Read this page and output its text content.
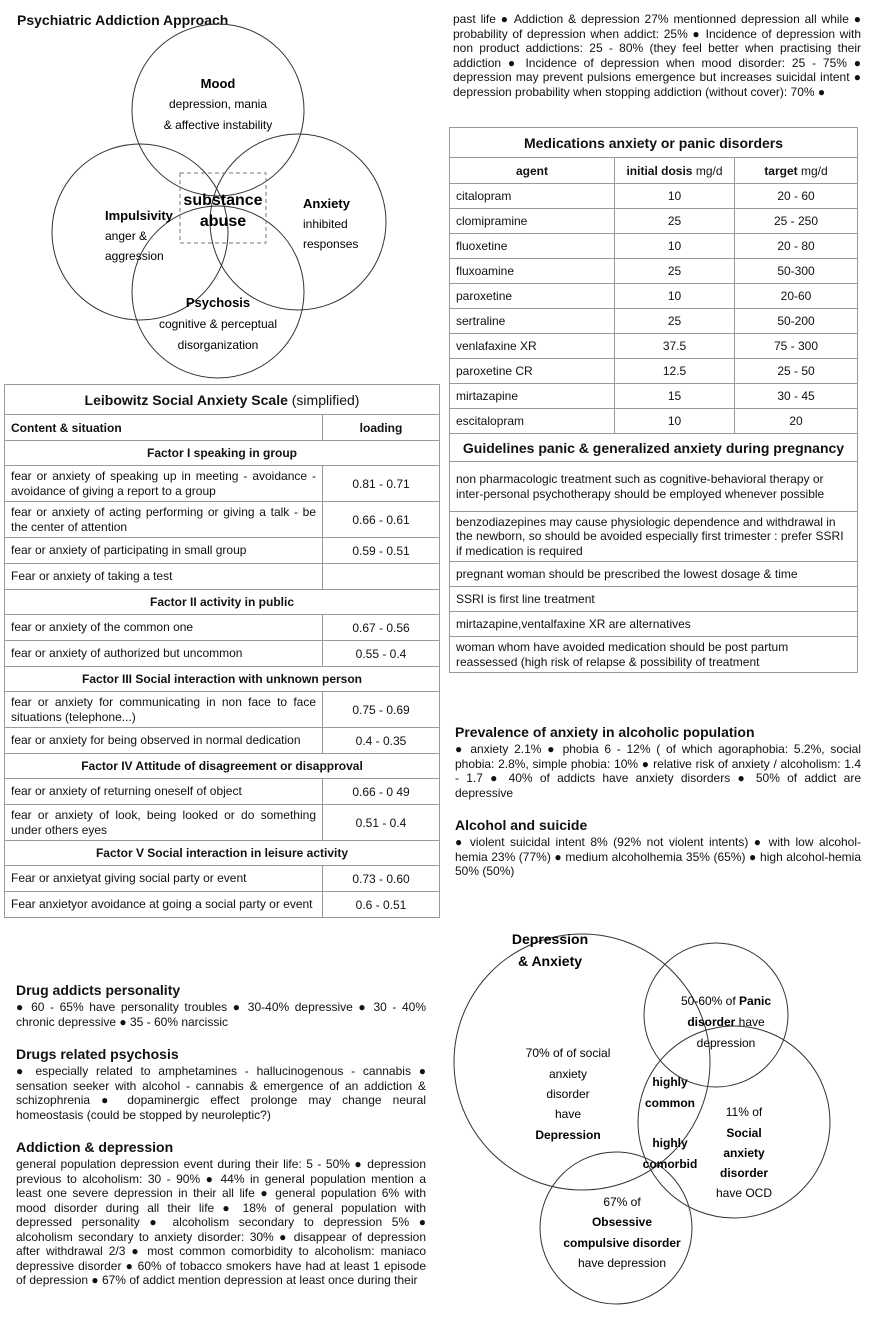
Psychiatric Addiction Approach
substance
abuse
Mood
depression, mania
& affective instability
Impulsivity
anger &
aggression
Anxiety
inhibited
responses
Psychosis
cognitive & perceptual
disorganization
Leibowitz Social Anxiety Scale (simplified)	
Content & situation	loading
Factor I speaking in group	
fear or anxiety of speaking up in meeting - avoidance - avoidance of giving a report to a group	0.81 - 0.71
fear or anxiety of acting performing or giving a talk - be the center of attention	0.66 - 0.61
fear or anxiety of participating in small group	0.59 - 0.51
Fear or anxiety of taking a test	
Factor II activity in public	
fear or anxiety of the common one	0.67 - 0.56
fear or anxiety of authorized but uncommon	0.55 - 0.4
Factor III Social interaction with unknown person	
fear or anxiety for communicating in non face to face situations (telephone...)	0.75 - 0.69
fear or anxiety for being observed in normal dedication	0.4 - 0.35
Factor IV Attitude of disagreement or disapproval	
fear or anxiety of returning oneself of object	0.66 - 0 49
fear or anxiety of look, being looked or do something under others eyes	0.51 - 0.4
Factor V Social interaction in leisure activity	
Fear or anxietyat giving social party or event	0.73 - 0.60
Fear anxietyor avoidance at going a social party or event	0.6 - 0.51
Drug addicts personality
● 60 - 65% have personality troubles ● 30-40% depressive ● 30 - 40% chronic depressive ● 35 - 60% narcissic
Drugs related psychosis
● especially related to amphetamines - hallucinogenous - cannabis ● sensation seeker with alcohol - cannabis & emergence of an addiction & schizophrenia ● dopaminergic effect prolonge may change neural homeostasis (could be stopped by neuroleptic?)
Addiction & depression
general population depression event during their life: 5 - 50% ● depression previous to alcoholism: 30 - 90% ● 44% in general population mention a least one severe depression in their all life ● general population 6% with mood disorder during all their life ● 18% of general population with depressed personality ● alcoholism secondary to depression 5% ● alcoholism secondary to anxiety disorder: 30% ● disappear of depression after withdrawal 2/3 ● most common comorbidity to alcoholism: maniaco depressive disorder ● 60% of tobacco smokers have had at least 1 episode of depression ● 67% of addict mention depression at least once during their
past life ● Addiction & depression 27% mentionned depression all while ● probability of depression when addict: 25% ● Incidence of depression with non product addictions: 25 - 80% (they feel better when practising their addiction ● Incidence of depression when mood disorder: 25 - 75% ● depression may prevent pulsions emergence but increases suicidal intent ● depression probability when stopping addiction (without cover): 70% ●
Medications anxiety or panic disorders		
agent	initial dosis mg/d	target mg/d
citalopram	10	20 - 60
clomipramine	25	25 - 250
fluoxetine	10	20 - 80
fluxoamine	25	50-300
paroxetine	10	20-60
sertraline	25	50-200
venlafaxine XR	37.5	75 - 300
paroxetine CR	12.5	25 - 50
mirtazapine	15	30 - 45
escitalopram	10	20
Guidelines panic & generalized anxiety during pregnancy		
non pharmacologic treatment such as cognitive-behavioral therapy or inter-personal psychotherapy should be employed whenever possible		
benzodiazepines may cause physiologic dependence and withdrawal in the newborn, so should be avoided especially first trimester : prefer SSRI if medication is required		
pregnant woman should be prescribed the lowest dosage & time		
SSRI is first line treatment		
mirtazapine,ventalfaxine XR are alternatives		
woman whom have avoided medication should be post partum reassessed (high risk of relapse & possibility of treatment		
Prevalence of anxiety in alcoholic population
● anxiety 2.1% ● phobia 6 - 12% ( of which agoraphobia: 5.2%, social phobia: 2.8%, simple phobia: 10% ● relative risk of anxiety / alcoholism: 1.4 - 1.7 ● 40% of addicts have anxiety disorders ● 50% of addict are depressive
Alcohol and suicide
● violent suicidal intent 8% (92% not violent intents) ● with low alcohol-hemia 23% (77%) ● medium alcoholhemia 35% (65%) ● high alcohol-hemia 50% (50%)
Depression
& Anxiety
50-60% of Panic
disorder have
depression
70% of of social
anxiety
disorder
have
Depression
highly
common
highly
comorbid
11% of
Social
anxiety
disorder
have OCD
67% of
Obsessive
compulsive disorder
have depression
